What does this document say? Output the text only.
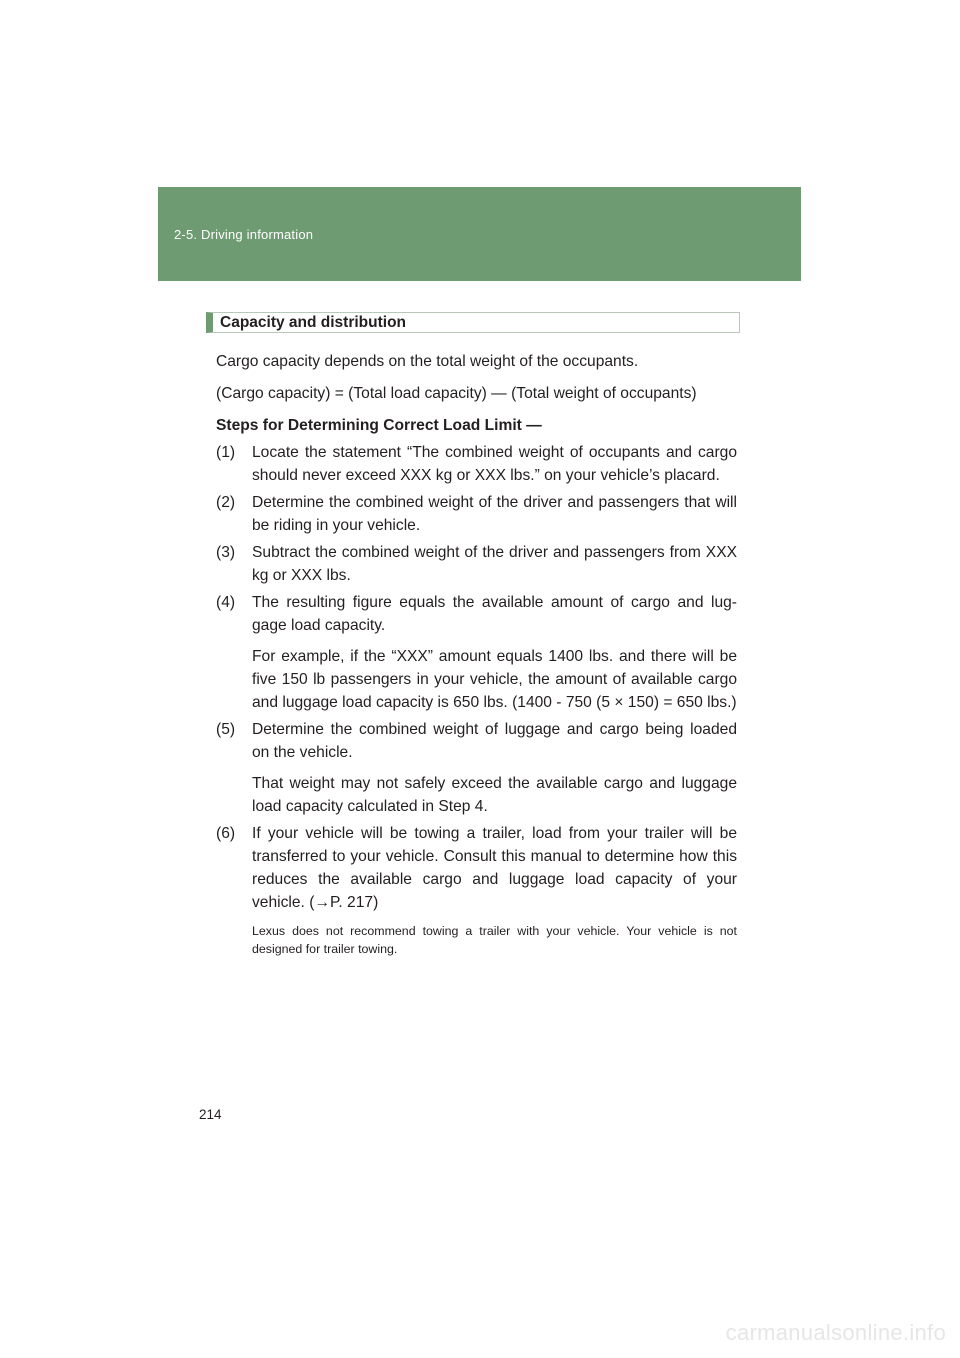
2-5. Driving information
Capacity and distribution

Cargo capacity depends on the total weight of the occupants.

(Cargo capacity) = (Total load capacity) — (Total weight of occupants)

Steps for Determining Correct Load Limit —

(1)	Locate the statement “The combined weight of occupants and cargo should never exceed XXX kg or XXX lbs.” on your vehicle’s placard.
(2)	Determine the combined weight of the driver and passengers that will be riding in your vehicle.
(3)	Subtract the combined weight of the driver and passengers from XXX kg or XXX lbs.
(4)	The resulting figure equals the available amount of cargo and lug-gage load capacity.

For example, if the “XXX” amount equals 1400 lbs. and there will be five 150 lb passengers in your vehicle, the amount of available cargo and luggage load capacity is 650 lbs. (1400 - 750 (5 × 150) = 650 lbs.)

(5)	Determine the combined weight of luggage and cargo being loaded on the vehicle.

That weight may not safely exceed the available cargo and luggage load capacity calculated in Step 4.

(6)	If your vehicle will be towing a trailer, load from your trailer will be transferred to your vehicle. Consult this manual to determine how this reduces the available cargo and luggage load capacity of your vehicle. (→P. 217)

Lexus does not recommend towing a trailer with your vehicle. Your vehicle is not designed for trailer towing.

214
carmanualsonline.info
